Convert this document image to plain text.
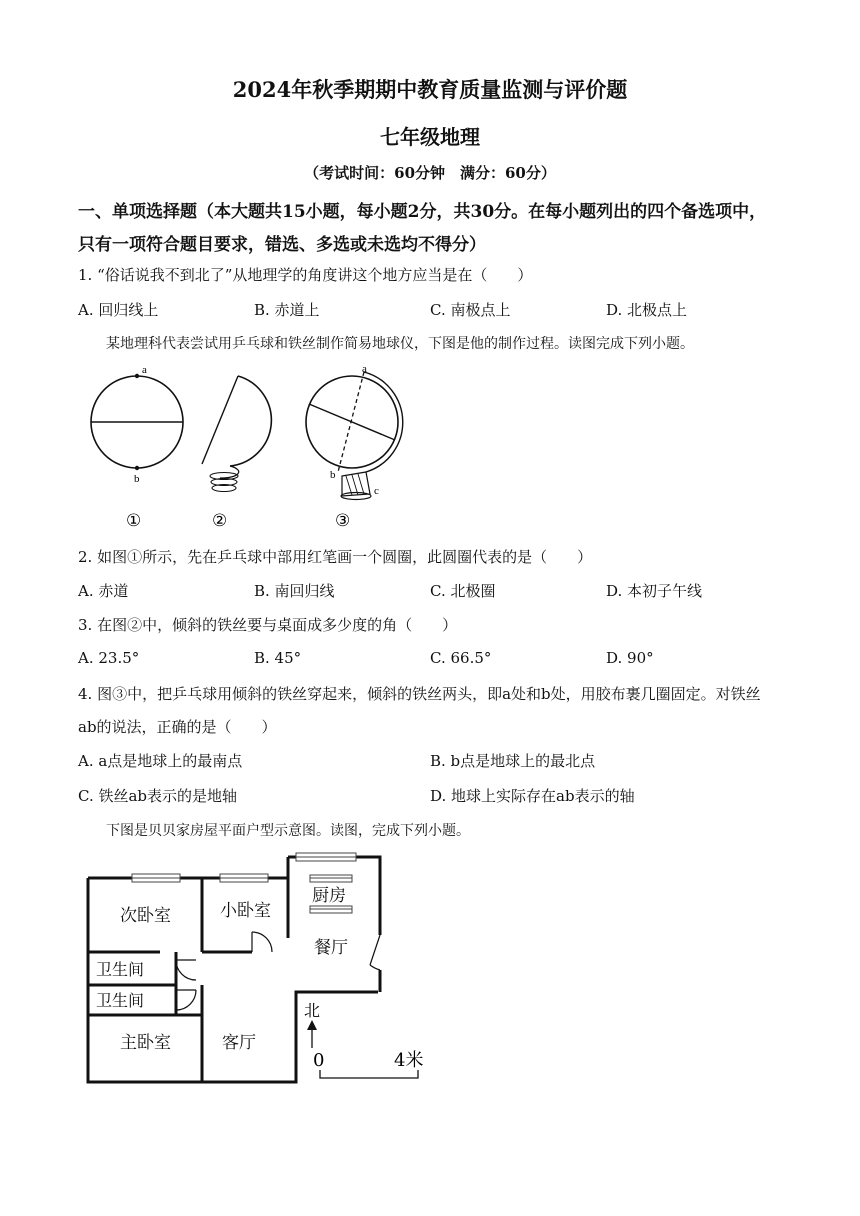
2024年秋季期期中教育质量监测与评价题
七年级地理
（考试时间：60分钟　满分：60分）
一、单项选择题（本大题共15小题，每小题2分，共30分。在每小题列出的四个备选项中，
只有一项符合题目要求，错选、多选或未选均不得分）
1. “俗话说我不到北了”从地理学的角度讲这个地方应当是在（　　）
A. 回归线上	B. 赤道上	C. 南极点上	D. 北极点上
某地理科代表尝试用乒乓球和铁丝制作简易地球仪，下图是他的制作过程。读图完成下列小题。
a
b
a
b
c
①	②	③
2. 如图①所示，先在乒乓球中部用红笔画一个圆圈，此圆圈代表的是（　　）
A. 赤道	B. 南回归线	C. 北极圈	D. 本初子午线
3. 在图②中，倾斜的铁丝要与桌面成多少度的角（　　）
A. 23.5°	B. 45°	C. 66.5°	D. 90°
4. 图③中，把乒乓球用倾斜的铁丝穿起来，倾斜的铁丝两头，即a处和b处，用胶布裹几圈固定。对铁丝
ab的说法，正确的是（　　）
A. a点是地球上的最南点	B. b点是地球上的最北点
C. 铁丝ab表示的是地轴	D. 地球上实际存在ab表示的轴
下图是贝贝家房屋平面户型示意图。读图，完成下列小题。
次卧室	小卧室
厨房
餐厅
卫生间
卫生间
主卧室	客厅
北
0	4米
